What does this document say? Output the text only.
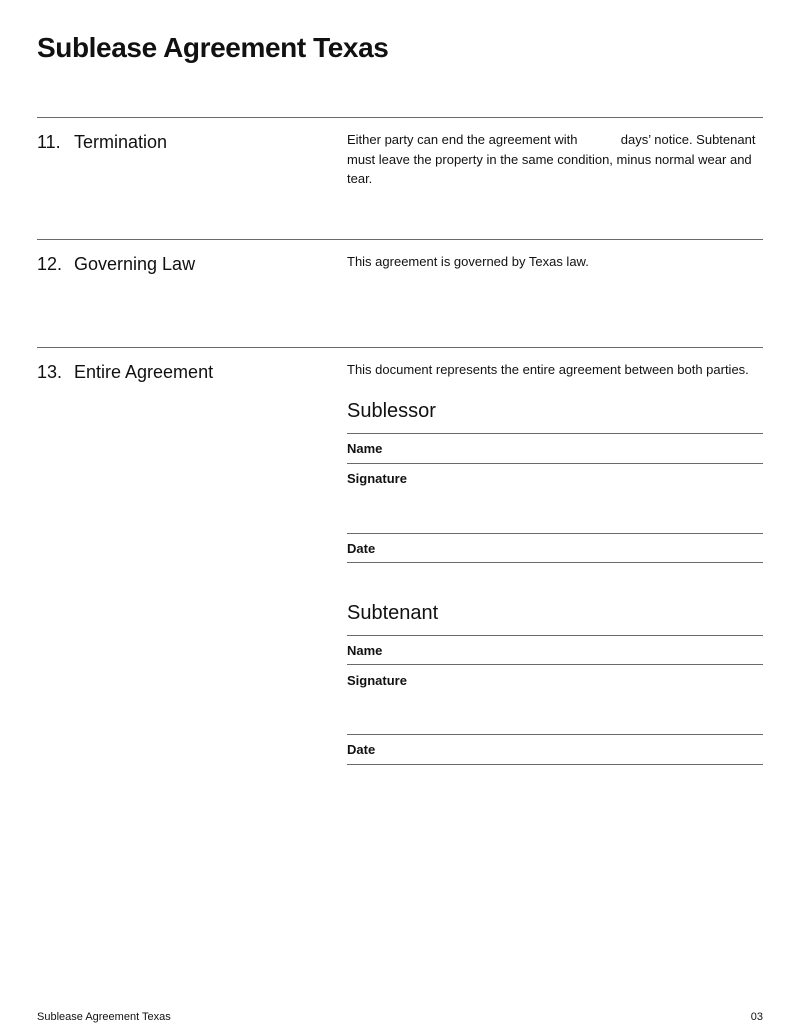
Sublease Agreement Texas
11. Termination	Either party can end the agreement with	days’ notice. Subtenant must leave the property in the same condition, minus normal wear and tear.
12. Governing Law	This agreement is governed by Texas law.
13. Entire Agreement	This document represents the entire agreement between both parties.
Sublessor
Name
Signature
Date
Subtenant
Name
Signature
Date
Sublease Agreement Texas	03
